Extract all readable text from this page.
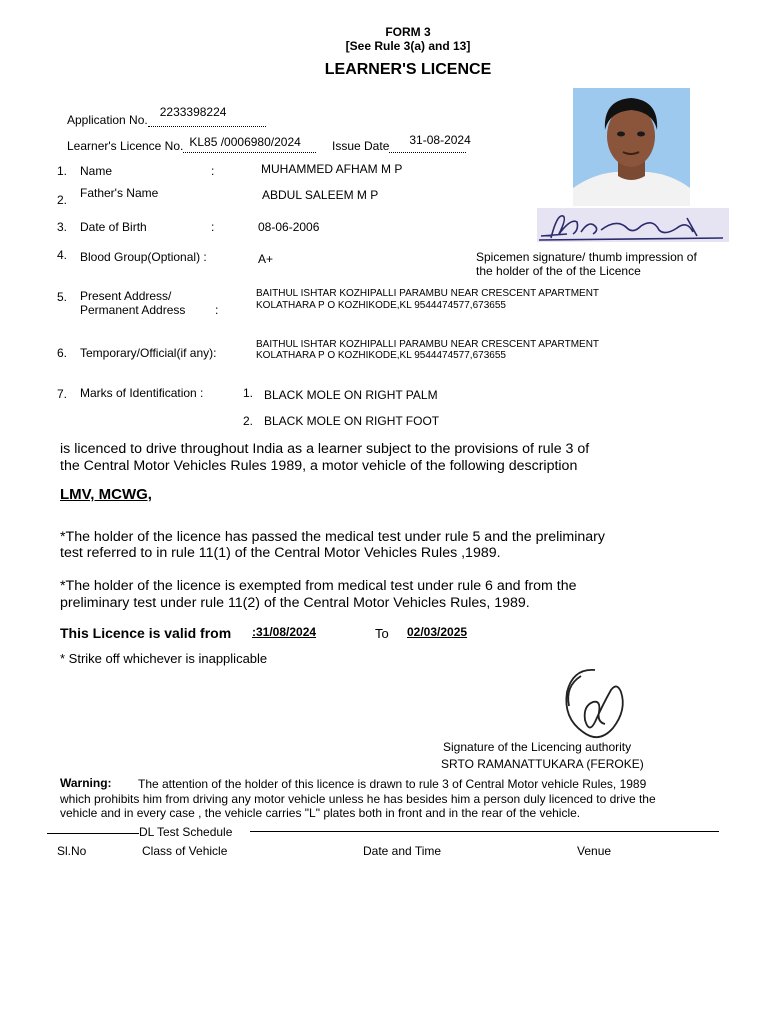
FORM 3
[See Rule 3(a) and 13]
LEARNER'S LICENCE
Application No.
2233398224
Learner's Licence No. KL85 /0006980/2024	Issue Date 31-08-2024
1. Name	:	MUHAMMED AFHAM M P
2. Father's Name	ABDUL SALEEM M P
3. Date of Birth	:	08-06-2006
4. Blood Group(Optional) :	A+	Spicemen signature/ thumb impression of
the holder of the of the Licence
5. Present Address/
Permanent Address :
BAITHUL ISHTAR KOZHIPALLI PARAMBU NEAR CRESCENT APARTMENT
KOLATHARA P O KOZHIKODE,KL 9544474577,673655
6. Temporary/Official(if any):
BAITHUL ISHTAR KOZHIPALLI PARAMBU NEAR CRESCENT APARTMENT
KOLATHARA P O KOZHIKODE,KL 9544474577,673655
7. Marks of Identification :	1. BLACK MOLE ON RIGHT PALM
2. BLACK MOLE ON RIGHT FOOT
is licenced to drive throughout India as a learner subject to the provisions of rule 3 of
the Central Motor Vehicles Rules 1989, a motor vehicle of the following description
LMV, MCWG,
*The holder of the licence has passed the medical test under rule 5 and the preliminary
test referred to in rule 11(1) of the Central Motor Vehicles Rules ,1989.
*The holder of the licence is exempted from medical test under rule 6 and from the
preliminary test under rule 11(2) of the Central Motor Vehicles Rules, 1989.
This Licence is valid from :31/08/2024	To 02/03/2025
* Strike off whichever is inapplicable
Signature of the Licencing authority
SRTO RAMANATTUKARA (FEROKE)
Warning: The attention of the holder of this licence is drawn to rule 3 of Central Motor vehicle Rules, 1989
which prohibits him from driving any motor vehicle unless he has besides him a person duly licenced to drive the
vehicle and in every case , the vehicle carries "L" plates both in front and in the rear of the vehicle.
DL Test Schedule
Sl.No	Class of Vehicle	Date and Time	Venue
